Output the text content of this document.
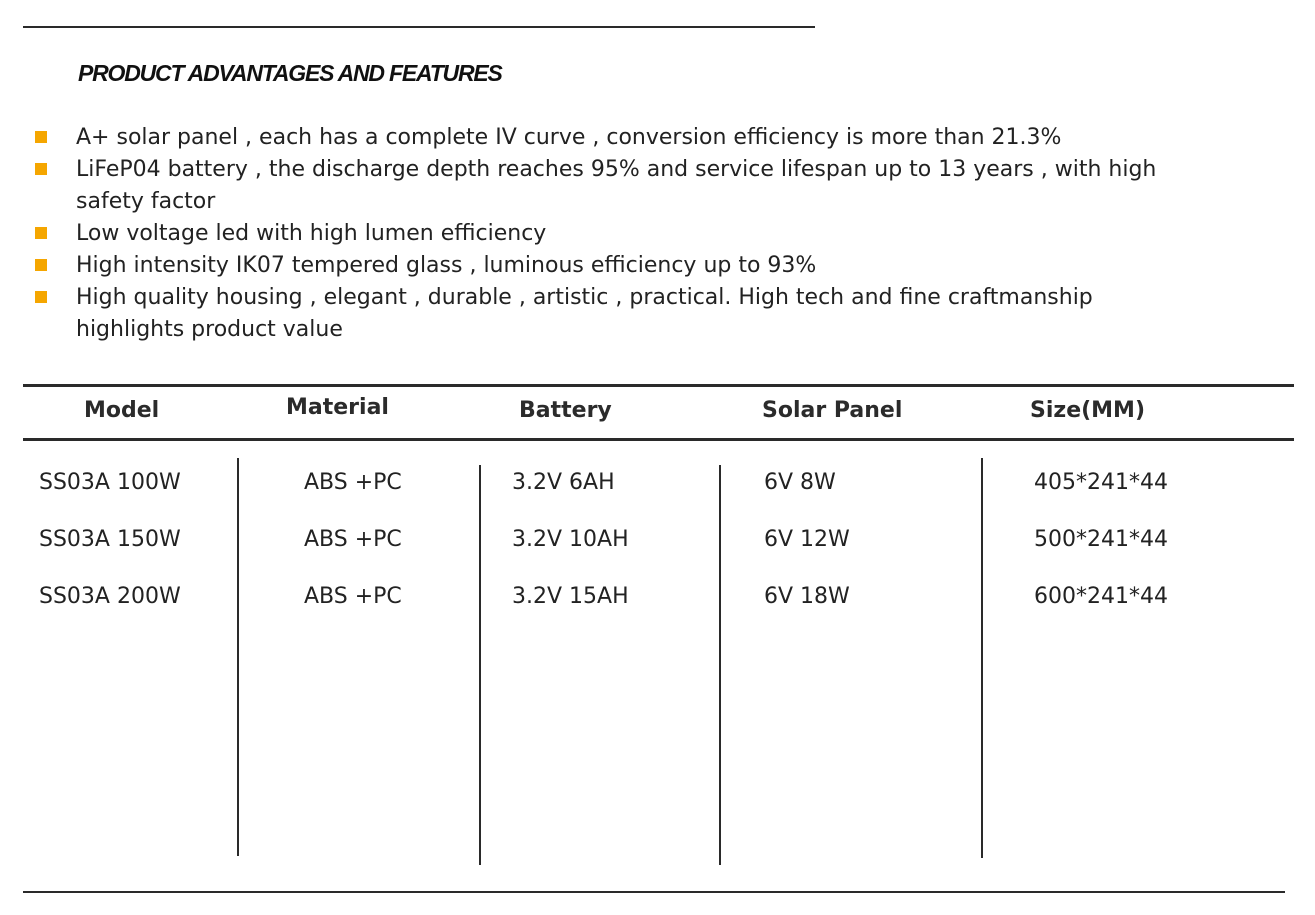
PRODUCT ADVANTAGES AND FEATURES
A+ solar panel , each has a complete IV curve , conversion efficiency is more than 21.3%
LiFeP04 battery , the discharge depth reaches 95% and service lifespan up to 13 years , with high safety factor
Low voltage led with high lumen efficiency
High intensity IK07 tempered glass , luminous efficiency up to 93%
High quality housing , elegant , durable , artistic , practical. High tech and fine craftmanship highlights product value
Model	Material	Battery	Solar Panel	Size(MM)
SS03A 100W	ABS +PC	3.2V 6AH	6V 8W	405*241*44
SS03A 150W	ABS +PC	3.2V 10AH	6V 12W	500*241*44
SS03A 200W	ABS +PC	3.2V 15AH	6V 18W	600*241*44
